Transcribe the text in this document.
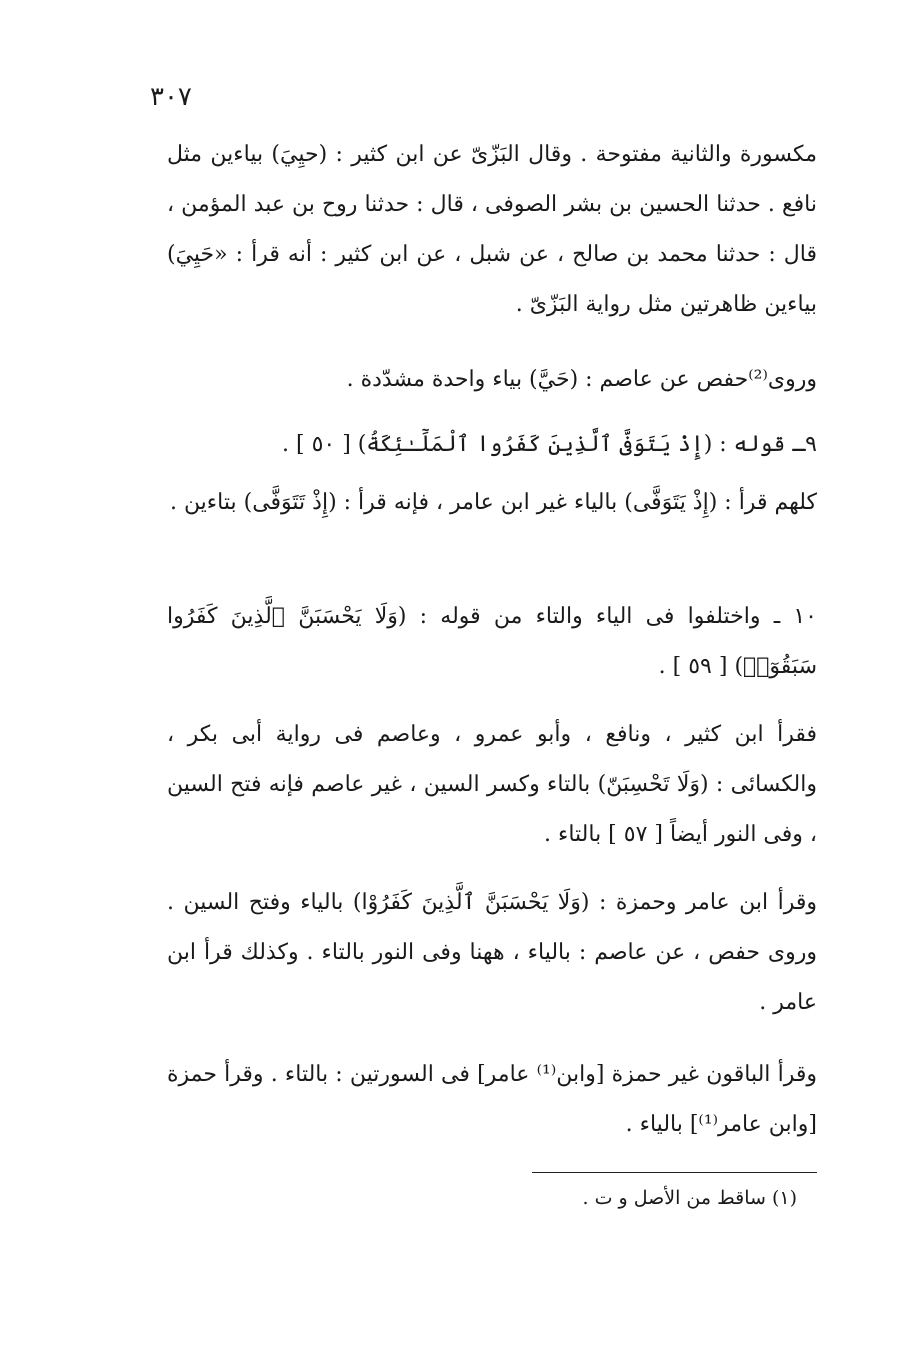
٣٠٧

مكسورة والثانية مفتوحة . وقال البَزّىّ عن ابن كثير : (حيِيَ) بياءين مثل نافع . حدثنا الحسين بن بشر الصوفى ، قال : حدثنا روح بن عبد المؤمن ، قال : حدثنا محمد بن صالح ، عن شبل ، عن ابن كثير : أنه قرأ : «حَيِيَ) بياءين ظاهرتين مثل رواية البَزّىّ .

وروى⁽²⁾حفص عن عاصم : (حَيَّ) بياء واحدة مشدّدة .

٩ـ قوله : (إِذْ يَتَوَفَّى ٱلَّذِينَ كَفَرُوا ٱلْمَلَٓـٰئِكَةُ) [ ٥٠ ] .

كلهم قرأ : (إِذْ يَتَوَفَّى) بالياء غير ابن عامر ، فإنه قرأ : (إِذْ تَتَوَفَّى) بتاءين .

١٠ ـ واختلفوا فى الياء والتاء من قوله : (وَلَا يَحْسَبَنَّ ٱلَّذِينَ كَفَرُوا سَبَقُوٓا۟) [ ٥٩ ] .

فقرأ ابن كثير ، ونافع ، وأبو عمرو ، وعاصم فى رواية أبى بكر ، والكسائى : (وَلَا تَحْسِبَنّ) بالتاء وكسر السين ، غير عاصم فإنه فتح السين ، وفى النور أيضاً [ ٥٧ ] بالتاء .

وقرأ ابن عامر وحمزة : (وَلَا يَحْسَبَنَّ ٱلَّذِينَ كَفَرُوْا) بالياء وفتح السين . وروى حفص ، عن عاصم : بالياء ، ههنا وفى النور بالتاء . وكذلك قرأ ابن عامر .

وقرأ الباقون غير حمزة [وابن⁽¹⁾ عامر] فى السورتين : بالتاء . وقرأ حمزة [وابن عامر⁽¹⁾] بالياء .

(١) ساقط من الأصل و ت .
